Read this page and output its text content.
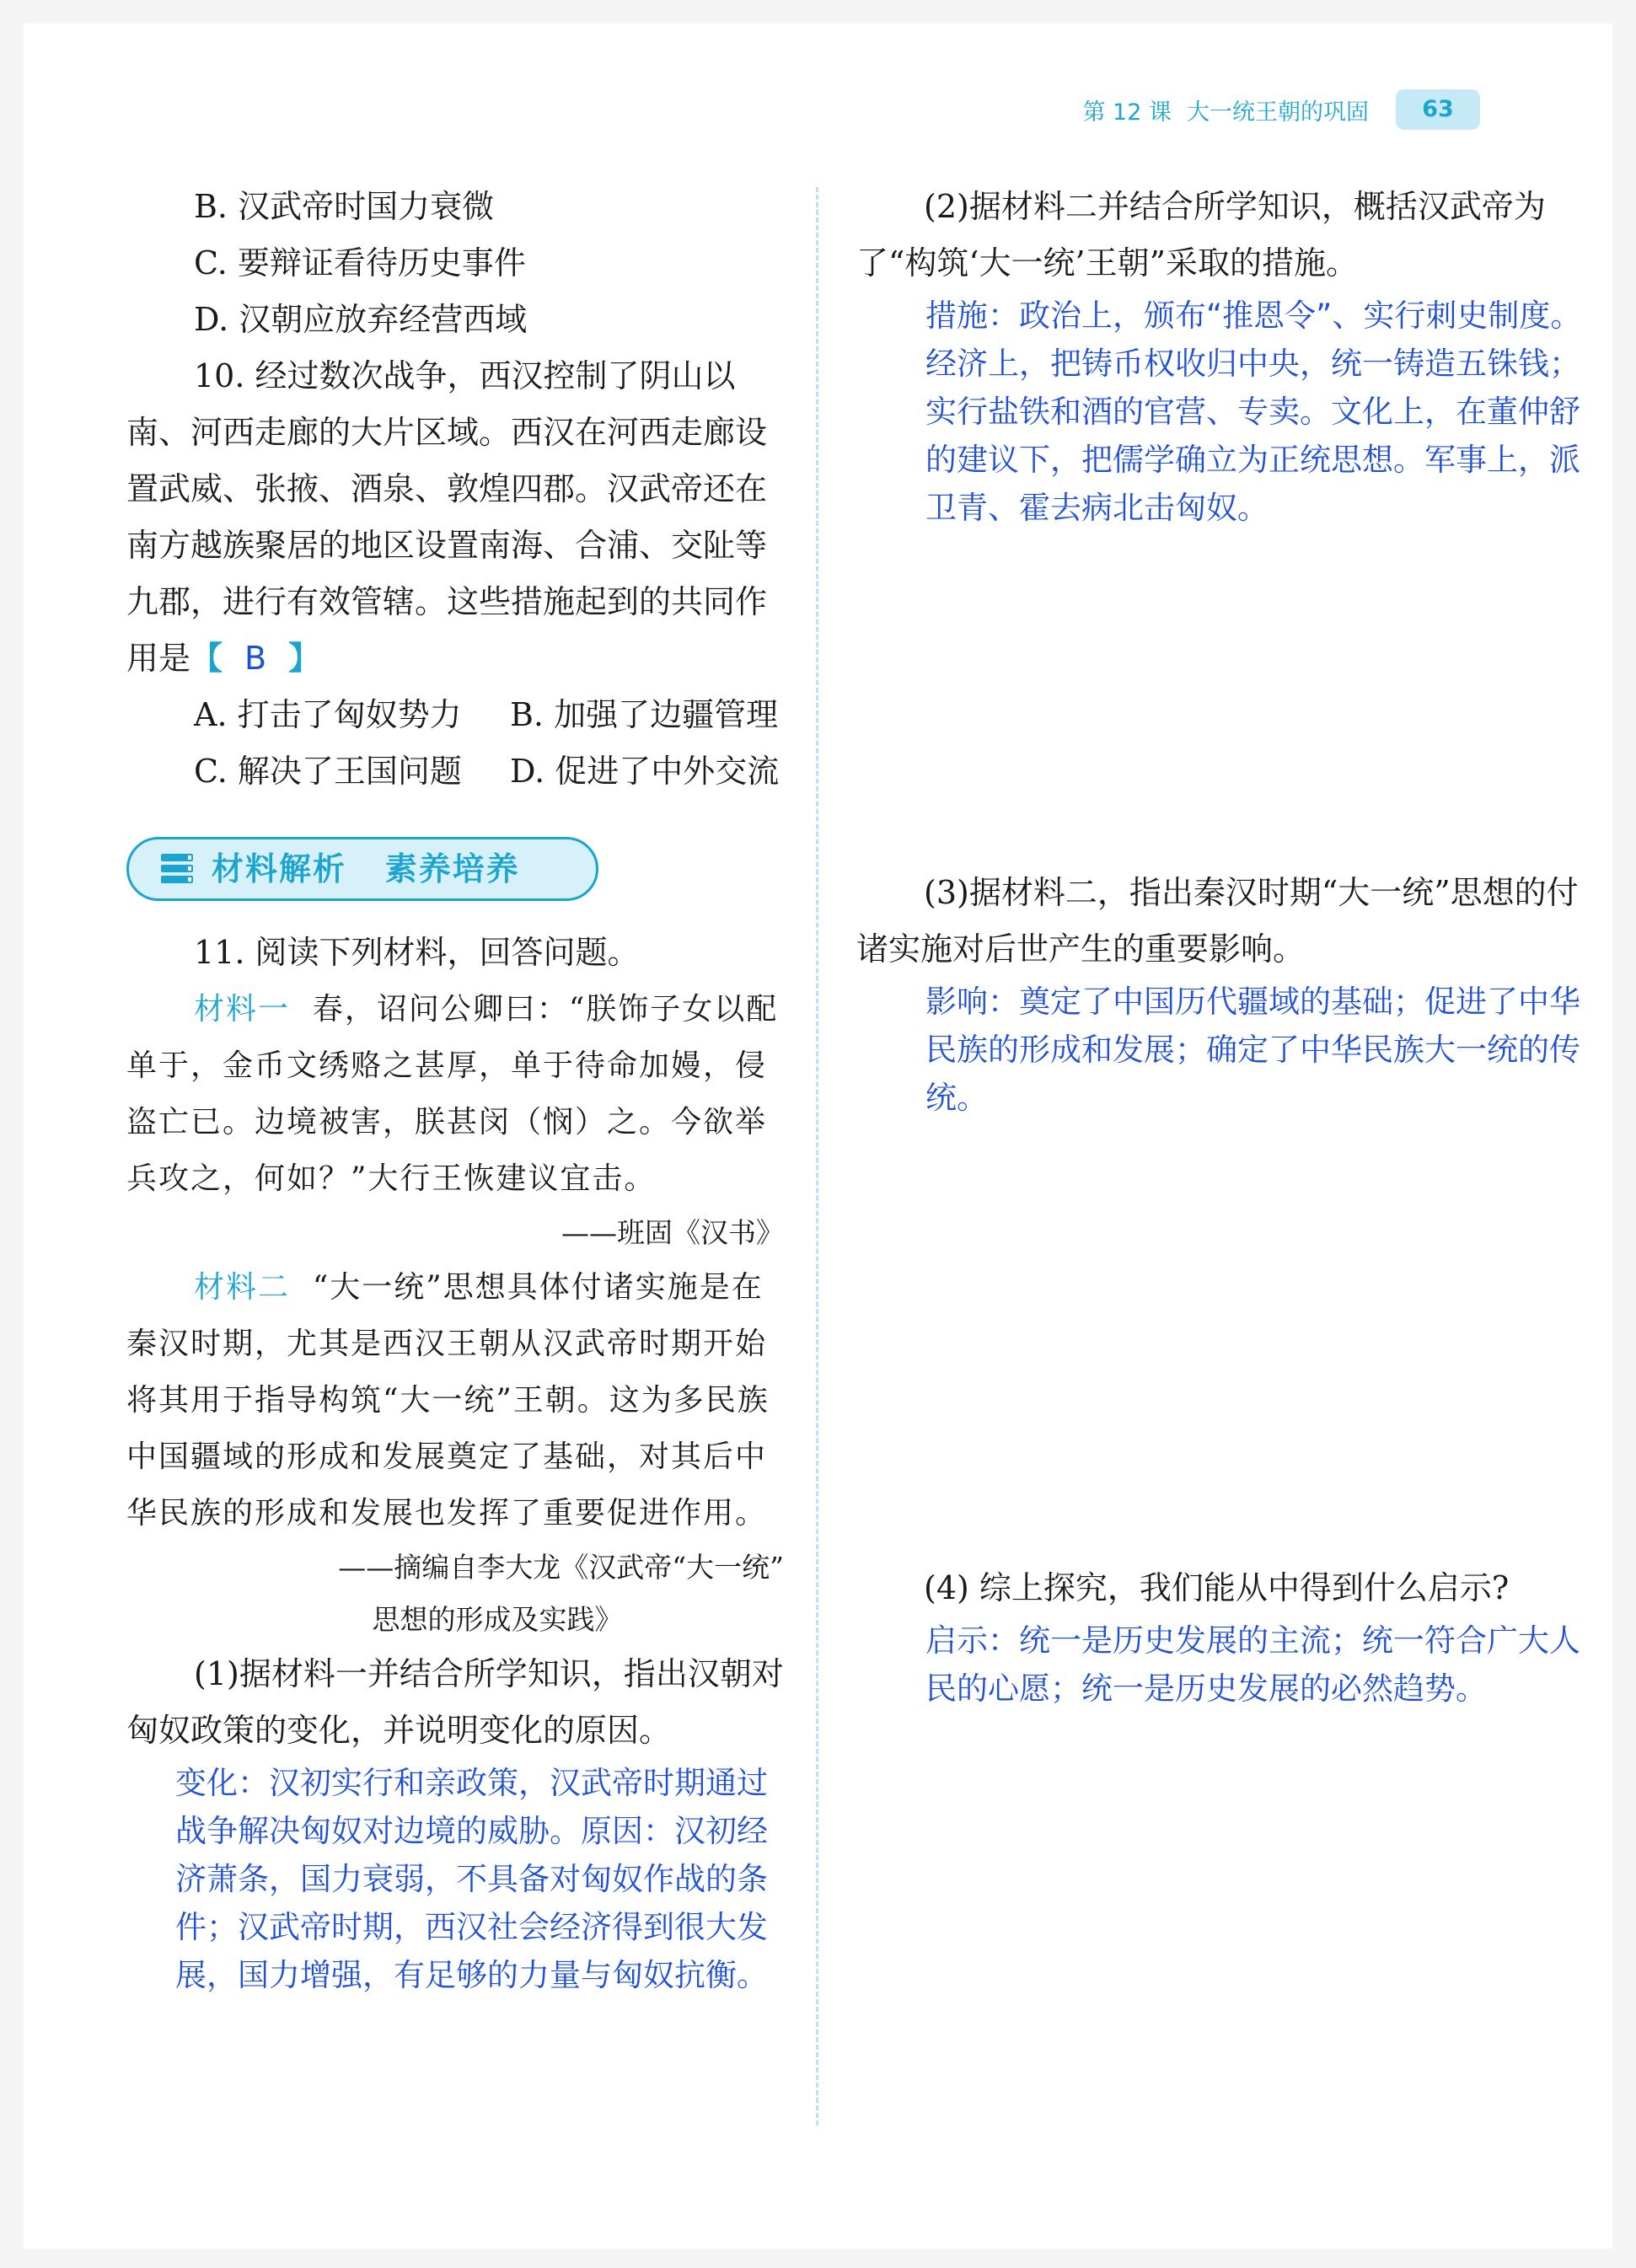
第 12 课 大一统王朝的巩固	63

B. 汉武帝时国力衰微

C. 要辩证看待历史事件

D. 汉朝应放弃经营西域

10. 经过数次战争，西汉控制了阴山以南、河西走廊的大片区域。西汉在河西走廊设置武威、张掖、酒泉、敦煌四郡。汉武帝还在南方越族聚居的地区设置南海、合浦、交阯等九郡，进行有效管辖。这些措施起到的共同作用是【 B 】

A. 打击了匈奴势力	B. 加强了边疆管理
C. 解决了王国问题	D. 促进了中外交流
材料解析   素养培养

11. 阅读下列材料，回答问题。

材料一 春，诏问公卿曰：“朕饰子女以配单于，金币文绣赂之甚厚，单于待命加嫚，侵盗亡已。边境被害，朕甚闵（悯）之。今欲举兵攻之，何如？”大行王恢建议宜击。

——班固《汉书》

材料二 “大一统”思想具体付诸实施是在秦汉时期，尤其是西汉王朝从汉武帝时期开始将其用于指导构筑“大一统”王朝。这为多民族中国疆域的形成和发展奠定了基础，对其后中华民族的形成和发展也发挥了重要促进作用。

——摘编自李大龙《汉武帝“大一统”

思想的形成及实践》

(1)据材料一并结合所学知识，指出汉朝对匈奴政策的变化，并说明变化的原因。

变化：汉初实行和亲政策，汉武帝时期通过战争解决匈奴对边境的威胁。原因：汉初经济萧条，国力衰弱，不具备对匈奴作战的条件；汉武帝时期，西汉社会经济得到很大发展，国力增强，有足够的力量与匈奴抗衡。

(2)据材料二并结合所学知识，概括汉武帝为了“构筑‘大一统’王朝”采取的措施。

措施：政治上，颁布“推恩令”、实行刺史制度。经济上，把铸币权收归中央，统一铸造五铢钱；实行盐铁和酒的官营、专卖。文化上，在董仲舒的建议下，把儒学确立为正统思想。军事上，派卫青、霍去病北击匈奴。

(3)据材料二，指出秦汉时期“大一统”思想的付诸实施对后世产生的重要影响。

影响：奠定了中国历代疆域的基础；促进了中华民族的形成和发展；确定了中华民族大一统的传统。

(4) 综上探究，我们能从中得到什么启示?

启示：统一是历史发展的主流；统一符合广大人民的心愿；统一是历史发展的必然趋势。
